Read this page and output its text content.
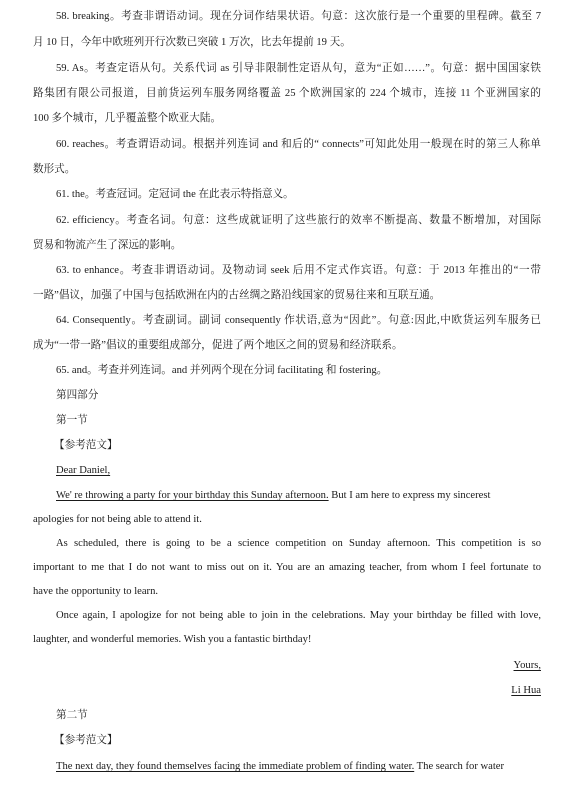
58. breaking。考查非谓语动词。现在分词作结果状语。句意：这次旅行是一个重要的里程碑。截至 7
月 10 日，今年中欧班列开行次数已突破 1 万次，比去年提前 19 天。
59. As。考查定语从句。关系代词 as 引导非限制性定语从句，意为“正如……”。句意：据中国国家铁
路集团有限公司报道，目前货运列车服务网络覆盖 25 个欧洲国家的 224 个城市，连接 11 个亚洲国家的
100 多个城市，几乎覆盖整个欧亚大陆。
60. reaches。考查谓语动词。根据并列连词 and 和后的“ connects”可知此处用一般现在时的第三人称单
数形式。
61. the。考查冠词。定冠词 the 在此表示特指意义。
62. efficiency。考查名词。句意：这些成就证明了这些旅行的效率不断提高、数量不断增加，对国际
贸易和物流产生了深远的影响。
63. to enhance。考查非谓语动词。及物动词 seek 后用不定式作宾语。句意：于 2013 年推出的“一带
一路”倡议，加强了中国与包括欧洲在内的古丝绸之路沿线国家的贸易往来和互联互通。
64. Consequently。考查副词。副词 consequently 作状语,意为“因此”。句意:因此,中欧货运列车服务已
成为“一带一路”倡议的重要组成部分，促进了两个地区之间的贸易和经济联系。
65. and。考查并列连词。and 并列两个现在分词 facilitating 和 fostering。
第四部分
第一节
【参考范文】
Dear Daniel,
We' re throwing a party for your birthday this Sunday afternoon. But I am here to express my sincerest
apologies for not being able to attend it.
As scheduled, there is going to be a science competition on Sunday afternoon. This competition is so
important to me that I do not want to miss out on it. You are an amazing teacher, from whom I feel fortunate to
have the opportunity to learn.
Once again, I apologize for not being able to join in the celebrations. May your birthday be filled with love,
laughter, and wonderful memories. Wish you a fantastic birthday!
Yours,
Li Hua
第二节
【参考范文】
The next day, they found themselves facing the immediate problem of finding water. The search for water
